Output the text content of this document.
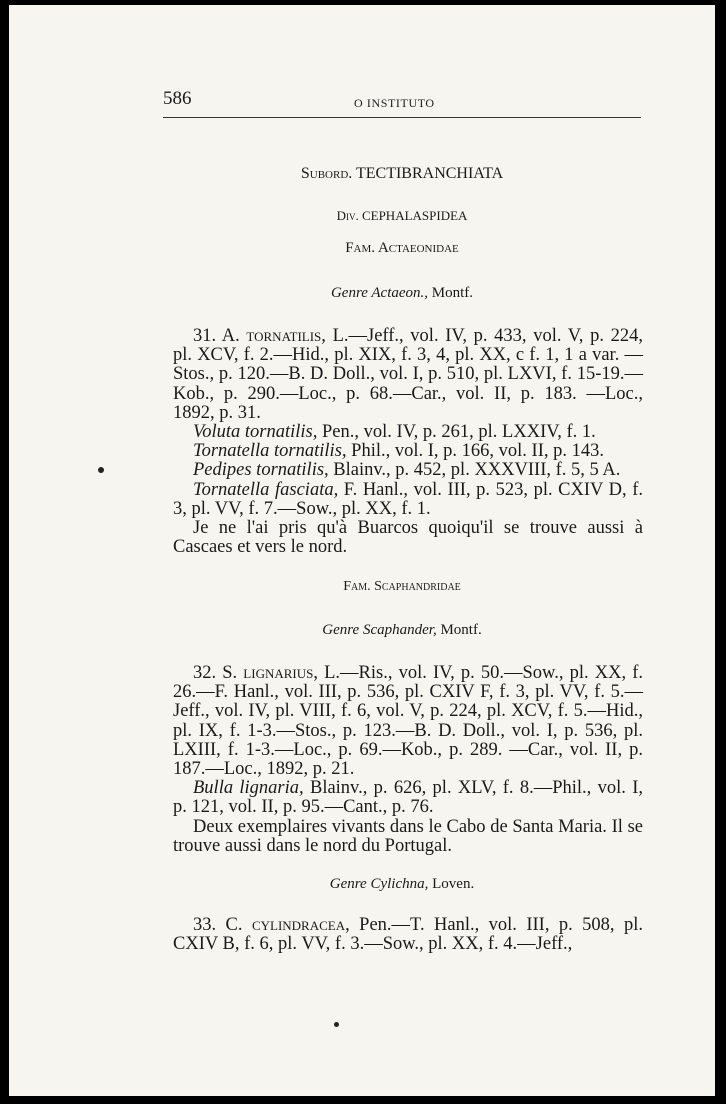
586	O INSTITUTO
Subord. TECTIBRANCHIATA
Div. CEPHALASPIDEA
Fam. Actaeonidae
Genre Actaeon., Montf.

31. A. tornatilis, L.—Jeff., vol. IV, p. 433, vol. V, p. 224, pl. XCV, f. 2.—Hid., pl. XIX, f. 3, 4, pl. XX, c f. 1, 1 a var. —Stos., p. 120.—B. D. Doll., vol. I, p. 510, pl. LXVI, f. 15-19.—Kob., p. 290.—Loc., p. 68.—Car., vol. II, p. 183. —Loc., 1892, p. 31.

Voluta tornatilis, Pen., vol. IV, p. 261, pl. LXXIV, f. 1.

Tornatella tornatilis, Phil., vol. I, p. 166, vol. II, p. 143.

Pedipes tornatilis, Blainv., p. 452, pl. XXXVIII, f. 5, 5 A.

Tornatella fasciata, F. Hanl., vol. III, p. 523, pl. CXIV D, f. 3, pl. VV, f. 7.—Sow., pl. XX, f. 1.

Je ne l'ai pris qu'à Buarcos quoiqu'il se trouve aussi à Cascaes et vers le nord.

Fam. Scaphandridae
Genre Scaphander, Montf.

32. S. lignarius, L.—Ris., vol. IV, p. 50.—Sow., pl. XX, f. 26.—F. Hanl., vol. III, p. 536, pl. CXIV F, f. 3, pl. VV, f. 5.—Jeff., vol. IV, pl. VIII, f. 6, vol. V, p. 224, pl. XCV, f. 5.—Hid., pl. IX, f. 1-3.—Stos., p. 123.—B. D. Doll., vol. I, p. 536, pl. LXIII, f. 1-3.—Loc., p. 69.—Kob., p. 289. —Car., vol. II, p. 187.—Loc., 1892, p. 21.

Bulla lignaria, Blainv., p. 626, pl. XLV, f. 8.—Phil., vol. I, p. 121, vol. II, p. 95.—Cant., p. 76.

Deux exemplaires vivants dans le Cabo de Santa Maria. Il se trouve aussi dans le nord du Portugal.

Genre Cylichna, Loven.

33. C. cylindracea, Pen.—T. Hanl., vol. III, p. 508, pl. CXIV B, f. 6, pl. VV, f. 3.—Sow., pl. XX, f. 4.—Jeff.,
